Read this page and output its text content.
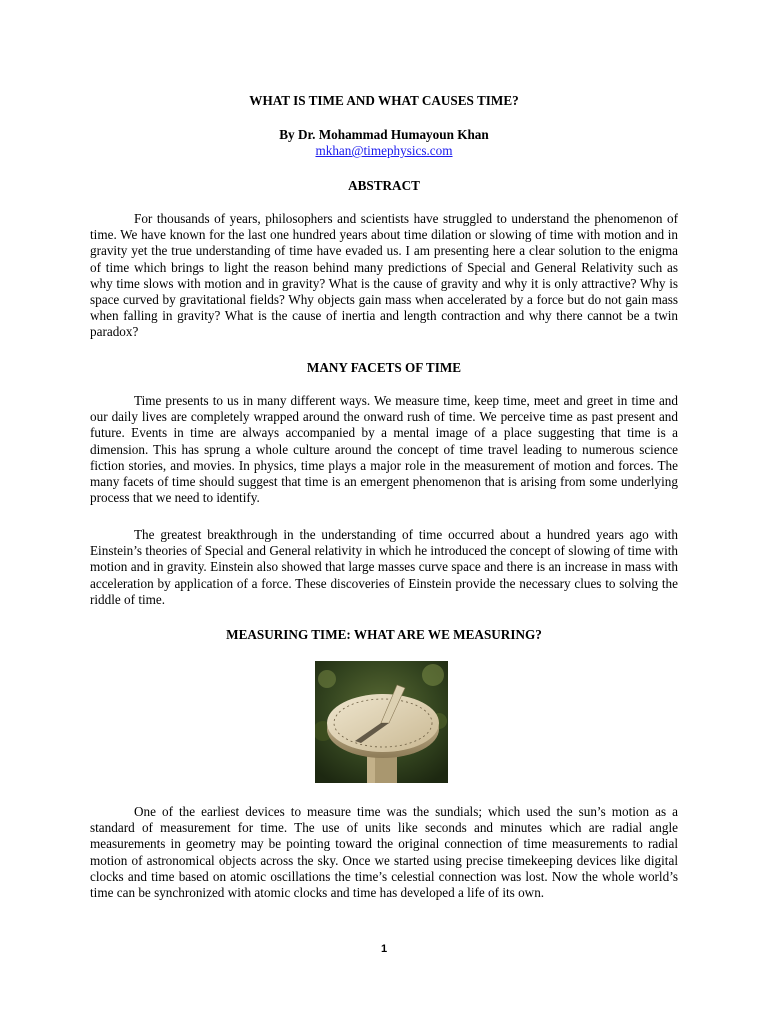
WHAT IS TIME AND WHAT CAUSES TIME?
By Dr. Mohammad Humayoun Khan
mkhan@timephysics.com
ABSTRACT

For thousands of years, philosophers and scientists have struggled to understand the phenomenon of time. We have known for the last one hundred years about time dilation or slowing of time with motion and in gravity yet the true understanding of time have evaded us. I am presenting here a clear solution to the enigma of time which brings to light the reason behind many predictions of Special and General Relativity such as why time slows with motion and in gravity? What is the cause of gravity and why it is only attractive? Why is space curved by gravitational fields? Why objects gain mass when accelerated by a force but do not gain mass when falling in gravity? What is the cause of inertia and length contraction and why there cannot be a twin paradox?

MANY FACETS OF TIME

Time presents to us in many different ways. We measure time, keep time, meet and greet in time and our daily lives are completely wrapped around the onward rush of time. We perceive time as past present and future. Events in time are always accompanied by a mental image of a place suggesting that time is a dimension. This has sprung a whole culture around the concept of time travel leading to numerous science fiction stories, and movies. In physics, time plays a major role in the measurement of motion and forces. The many facets of time should suggest that time is an emergent phenomenon that is arising from some underlying process that we need to identify.

The greatest breakthrough in the understanding of time occurred about a hundred years ago with Einstein’s theories of Special and General relativity in which he introduced the concept of slowing of time with motion and in gravity. Einstein also showed that large masses curve space and there is an increase in mass with acceleration by application of a force. These discoveries of Einstein provide the necessary clues to solving the riddle of time.

MEASURING TIME: WHAT ARE WE MEASURING?

One of the earliest devices to measure time was the sundials; which used the sun’s motion as a standard of measurement for time. The use of units like seconds and minutes which are radial angle measurements in geometry may be pointing toward the original connection of time measurements to radial motion of astronomical objects across the sky. Once we started using precise timekeeping devices like digital clocks and time based on atomic oscillations the time’s celestial connection was lost. Now the whole world’s time can be synchronized with atomic clocks and time has developed a life of its own.

1
